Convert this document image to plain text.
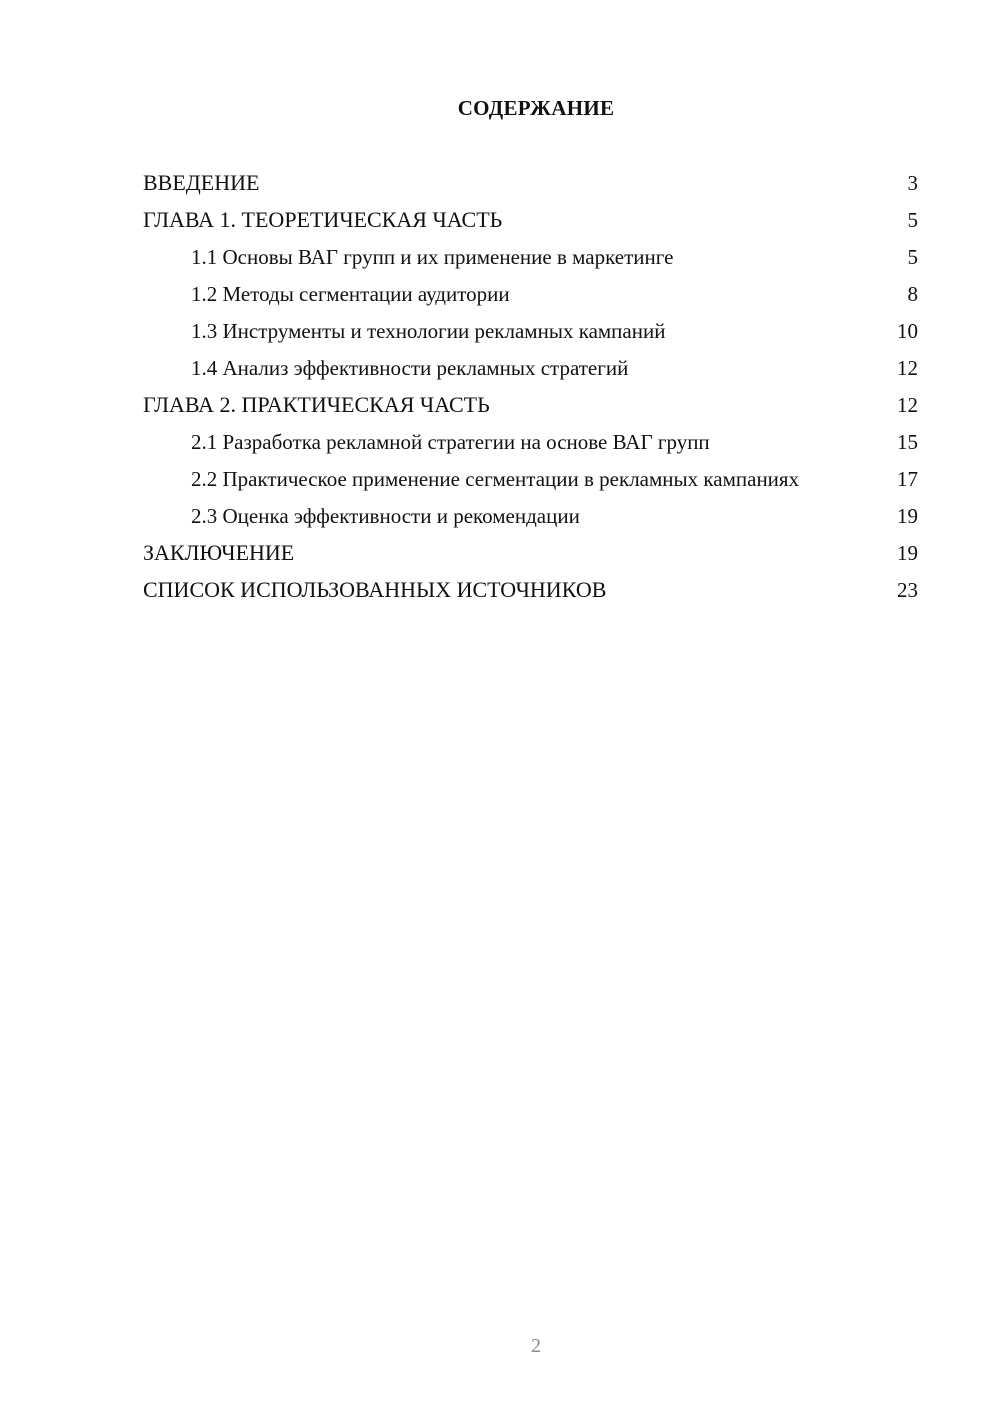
СОДЕРЖАНИЕ
ВВЕДЕНИЕ	3
ГЛАВА 1. ТЕОРЕТИЧЕСКАЯ ЧАСТЬ	5
1.1 Основы ВАГ групп и их применение в маркетинге	5
1.2 Методы сегментации аудитории	8
1.3 Инструменты и технологии рекламных кампаний	10
1.4 Анализ эффективности рекламных стратегий	12
ГЛАВА 2. ПРАКТИЧЕСКАЯ ЧАСТЬ	12
2.1 Разработка рекламной стратегии на основе ВАГ групп	15
2.2 Практическое применение сегментации в рекламных кампаниях	17
2.3 Оценка эффективности и рекомендации	19
ЗАКЛЮЧЕНИЕ	19
СПИСОК ИСПОЛЬЗОВАННЫХ ИСТОЧНИКОВ	23
2
